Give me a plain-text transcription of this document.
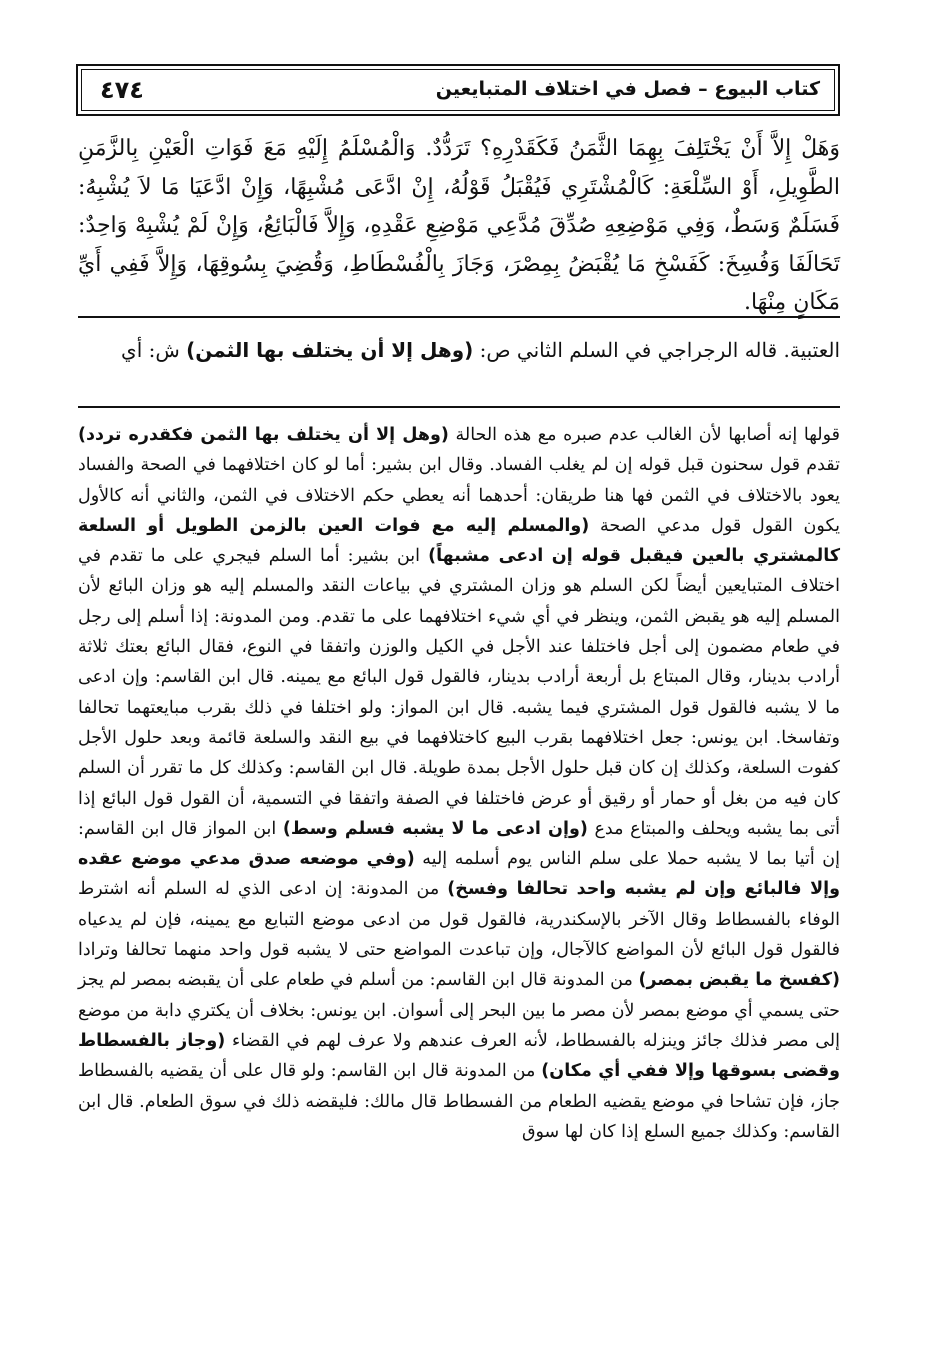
كتاب البيوع – فصل في اختلاف المتبايعين
٤٧٤

وَهَلْ إِلاَّ أَنْ يَخْتَلِفَ بِهِمَا الثَّمَنُ فَكَقَدْرِهِ؟ تَرَدُّدٌ. وَالْمُسْلَمُ إِلَيْهِ مَعَ فَوَاتِ الْعَيْنِ بِالزَّمَنِ الطَّوِيلِ، أَوْ السِّلْعَةِ: كَالْمُشْتَرِي فَيُقْبَلُ قَوْلُهُ، إِنْ ادَّعَى مُشْبِهًا، وَإِنْ ادَّعَيَا مَا لاَ يُشْبِهُ: فَسَلَمٌ وَسَطٌ، وَفِي مَوْضِعِهِ صُدِّقَ مُدَّعِي مَوْضِعِ عَقْدِهِ، وَإِلاَّ فَالْبَائِعُ، وَإِنْ لَمْ يُشْبِهْ وَاحِدٌ: تَحَالَفَا وَفُسِخَ: كَفَسْخِ مَا يُقْبَضُ بِمِصْرَ، وَجَازَ بِالْفُسْطَاطِ، وَقُضِيَ بِسُوقِهَا، وَإِلاَّ فَفِي أَيِّ مَكَانٍ مِنْهَا.

العتبية. قاله الرجراجي في السلم الثاني ص: (وهل إلا أن يختلف بها الثمن) ش: أي

قولها إنه أصابها لأن الغالب عدم صبره مع هذه الحالة (وهل إلا أن يختلف بها الثمن فكقدره تردد) تقدم قول سحنون قبل قوله إن لم يغلب الفساد. وقال ابن بشير: أما لو كان اختلافهما في الصحة والفساد يعود بالاختلاف في الثمن فها هنا طريقان: أحدهما أنه يعطي حكم الاختلاف في الثمن، والثاني أنه كالأول يكون القول قول مدعي الصحة (والمسلم إليه مع فوات العين بالزمن الطويل أو السلعة كالمشتري بالعين فيقبل قوله إن ادعى مشبهاً) ابن بشير: أما السلم فيجري على ما تقدم في اختلاف المتبايعين أيضاً لكن السلم هو وزان المشتري في بياعات النقد والمسلم إليه هو وزان البائع لأن المسلم إليه هو يقبض الثمن، وينظر في أي شيء اختلافهما على ما تقدم. ومن المدونة: إذا أسلم إلى رجل في طعام مضمون إلى أجل فاختلفا عند الأجل في الكيل والوزن واتفقا في النوع، فقال البائع بعتك ثلاثة أرادب بدينار، وقال المبتاع بل أربعة أرادب بدينار، فالقول قول البائع مع يمينه. قال ابن القاسم: وإن ادعى ما لا يشبه فالقول قول المشتري فيما يشبه. قال ابن المواز: ولو اختلفا في ذلك بقرب مبايعتهما تحالفا وتفاسخا. ابن يونس: جعل اختلافهما بقرب البيع كاختلافهما في بيع النقد والسلعة قائمة وبعد حلول الأجل كفوت السلعة، وكذلك إن كان قبل حلول الأجل بمدة طويلة. قال ابن القاسم: وكذلك كل ما تقرر أن السلم كان فيه من بغل أو حمار أو رقيق أو عرض فاختلفا في الصفة واتفقا في التسمية، أن القول قول البائع إذا أتى بما يشبه ويحلف والمبتاع مدع (وإن ادعى ما لا يشبه فسلم وسط) ابن المواز قال ابن القاسم: إن أتيا بما لا يشبه حملا على سلم الناس يوم أسلمه إليه (وفي موضعه صدق مدعي موضع عقده وإلا فالبائع وإن لم يشبه واحد تحالفا وفسخ) من المدونة: إن ادعى الذي له السلم أنه اشترط الوفاء بالفسطاط وقال الآخر بالإسكندرية، فالقول قول من ادعى موضع التبايع مع يمينه، فإن لم يدعياه فالقول قول البائع لأن المواضع كالآجال، وإن تباعدت المواضع حتى لا يشبه قول واحد منهما تحالفا وترادا (كفسخ ما يقبض بمصر) من المدونة قال ابن القاسم: من أسلم في طعام على أن يقبضه بمصر لم يجز حتى يسمي أي موضع بمصر لأن مصر ما بين البحر إلى أسوان. ابن يونس: بخلاف أن يكتري دابة من موضع إلى مصر فذلك جائز وينزله بالفسطاط، لأنه العرف عندهم ولا عرف لهم في القضاء (وجاز بالفسطاط وقضى بسوقها وإلا ففي أي مكان) من المدونة قال ابن القاسم: ولو قال على أن يقضيه بالفسطاط جاز، فإن تشاحا في موضع يقضيه الطعام من الفسطاط قال مالك: فليقضه ذلك في سوق الطعام. قال ابن القاسم: وكذلك جميع السلع إذا كان لها سوق
